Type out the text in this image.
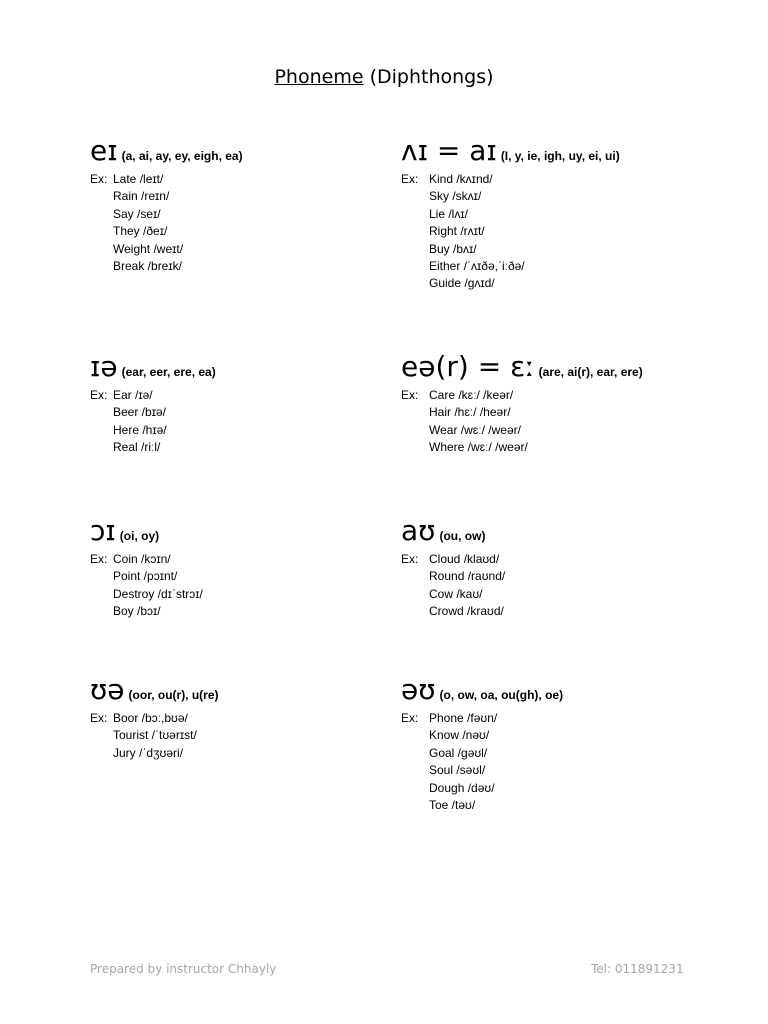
Phoneme (Diphthongs)
eɪ (a, ai, ay, ey, eigh, ea)
Ex: Late /leɪt/
Rain /reɪn/
Say /seɪ/
They /ðeɪ/
Weight /weɪt/
Break /breɪk/
ʌɪ = aɪ (I, y, ie, igh, uy, ei, ui)
Ex: Kind /kʌɪnd/
Sky /skʌɪ/
Lie /lʌɪ/
Right /rʌɪt/
Buy /bʌɪ/
Either /ˈʌɪðə,ˈiːðə/
Guide /gʌɪd/
ɪə (ear, eer, ere, ea)
Ex: Ear /ɪə/
Beer /bɪə/
Here /hɪə/
Real /riːl/
eə(r) = ɛː (are, ai(r), ear, ere)
Ex: Care /kɛː/ /keər/
Hair /hɛː/ /heər/
Wear /wɛː/ /weər/
Where /wɛː/ /weər/
ɔɪ (oi, oy)
Ex: Coin /kɔɪn/
Point /pɔɪnt/
Destroy /dɪˈstrɔɪ/
Boy /bɔɪ/
aʊ (ou, ow)
Ex: Cloud /klaʊd/
Round /raʊnd/
Cow /kaʊ/
Crowd /kraʊd/
ʊə (oor, ou(r), u(re)
Ex: Boor /bɔː,bʊə/
Tourist /ˈtʊərɪst/
Jury /ˈdʒʊəri/
əʊ (o, ow, oa, ou(gh), oe)
Ex: Phone /fəʊn/
Know /nəʊ/
Goal /gəʊl/
Soul /səʊl/
Dough /dəʊ/
Toe /təʊ/
Prepared by instructor Chhayly	Tel: 011891231
